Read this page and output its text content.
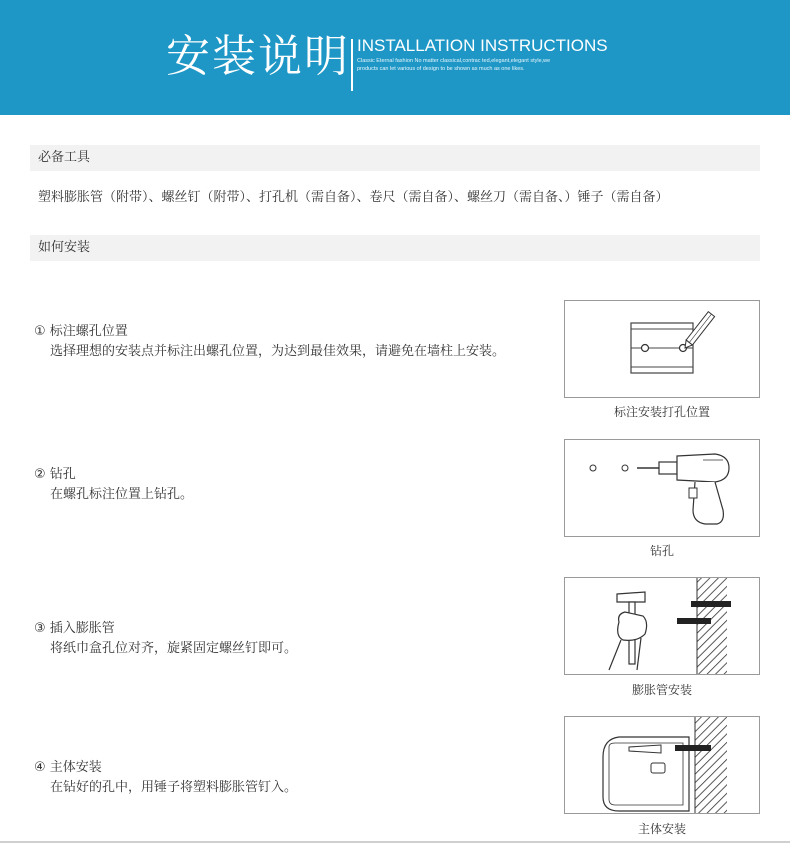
安装说明 INSTALLATION INSTRUCTIONS
Classic Eternal fashion No matter classical,contrac ted,elegant,elegant style,we products can let various of design to be shown as much as one likes.
必备工具
塑料膨胀管（附带）、螺丝钉（附带）、打孔机（需自备）、卷尺（需自备）、螺丝刀（需自备、）锤子（需自备）
如何安装
① 标注螺孔位置
选择理想的安装点并标注出螺孔位置，为达到最佳效果，请避免在墙柱上安装。
标注安装打孔位置
② 钻孔
在螺孔标注位置上钻孔。
钻孔
③ 插入膨胀管
将纸巾盒孔位对齐，旋紧固定螺丝钉即可。
膨胀管安装
④ 主体安装
在钻好的孔中，用锤子将塑料膨胀管钉入。
主体安装
